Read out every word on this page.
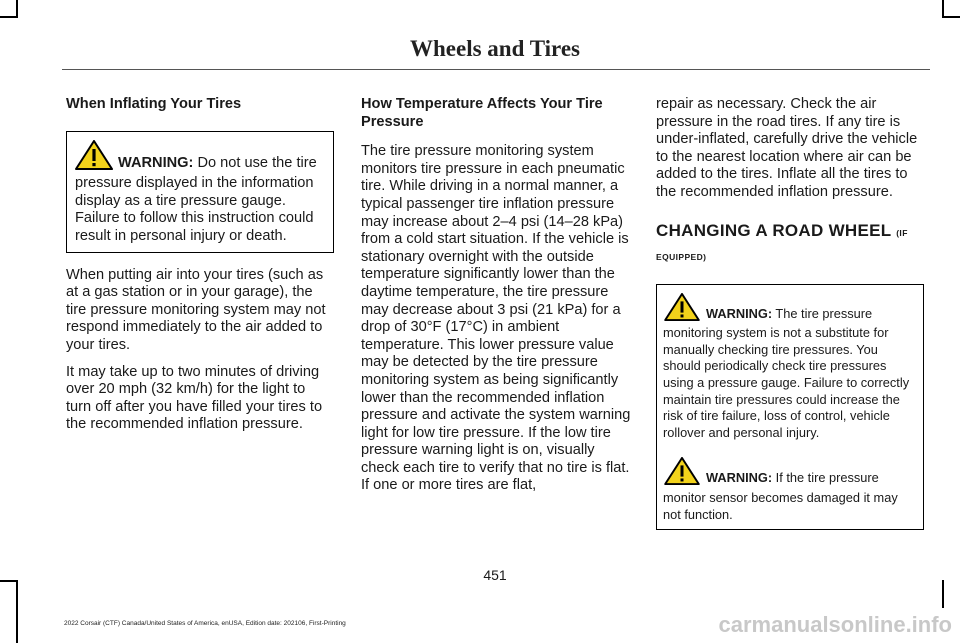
Wheels and Tires
When Inflating Your Tires
WARNING: Do not use the tire pressure displayed in the information display as a tire pressure gauge. Failure to follow this instruction could result in personal injury or death.

When putting air into your tires (such as at a gas station or in your garage), the tire pressure monitoring system may not respond immediately to the air added to your tires.

It may take up to two minutes of driving over 20 mph (32 km/h) for the light to turn off after you have filled your tires to the recommended inflation pressure.

How Temperature Affects Your Tire Pressure

The tire pressure monitoring system monitors tire pressure in each pneumatic tire. While driving in a normal manner, a typical passenger tire inflation pressure may increase about 2–4 psi (14–28 kPa) from a cold start situation. If the vehicle is stationary overnight with the outside temperature significantly lower than the daytime temperature, the tire pressure may decrease about 3 psi (21 kPa) for a drop of 30°F (17°C) in ambient temperature. This lower pressure value may be detected by the tire pressure monitoring system as being significantly lower than the recommended inflation pressure and activate the system warning light for low tire pressure. If the low tire pressure warning light is on, visually check each tire to verify that no tire is flat. If one or more tires are flat,

repair as necessary. Check the air pressure in the road tires. If any tire is under-inflated, carefully drive the vehicle to the nearest location where air can be added to the tires. Inflate all the tires to the recommended inflation pressure.

CHANGING A ROAD WHEEL (IF EQUIPPED)
WARNING: The tire pressure monitoring system is not a substitute for manually checking tire pressures. You should periodically check tire pressures using a pressure gauge. Failure to correctly maintain tire pressures could increase the risk of tire failure, loss of control, vehicle rollover and personal injury.
WARNING: If the tire pressure monitor sensor becomes damaged it may not function.
451
2022 Corsair (CTF) Canada/United States of America, enUSA, Edition date: 202106, First-Printing	carmanualsonline.info
